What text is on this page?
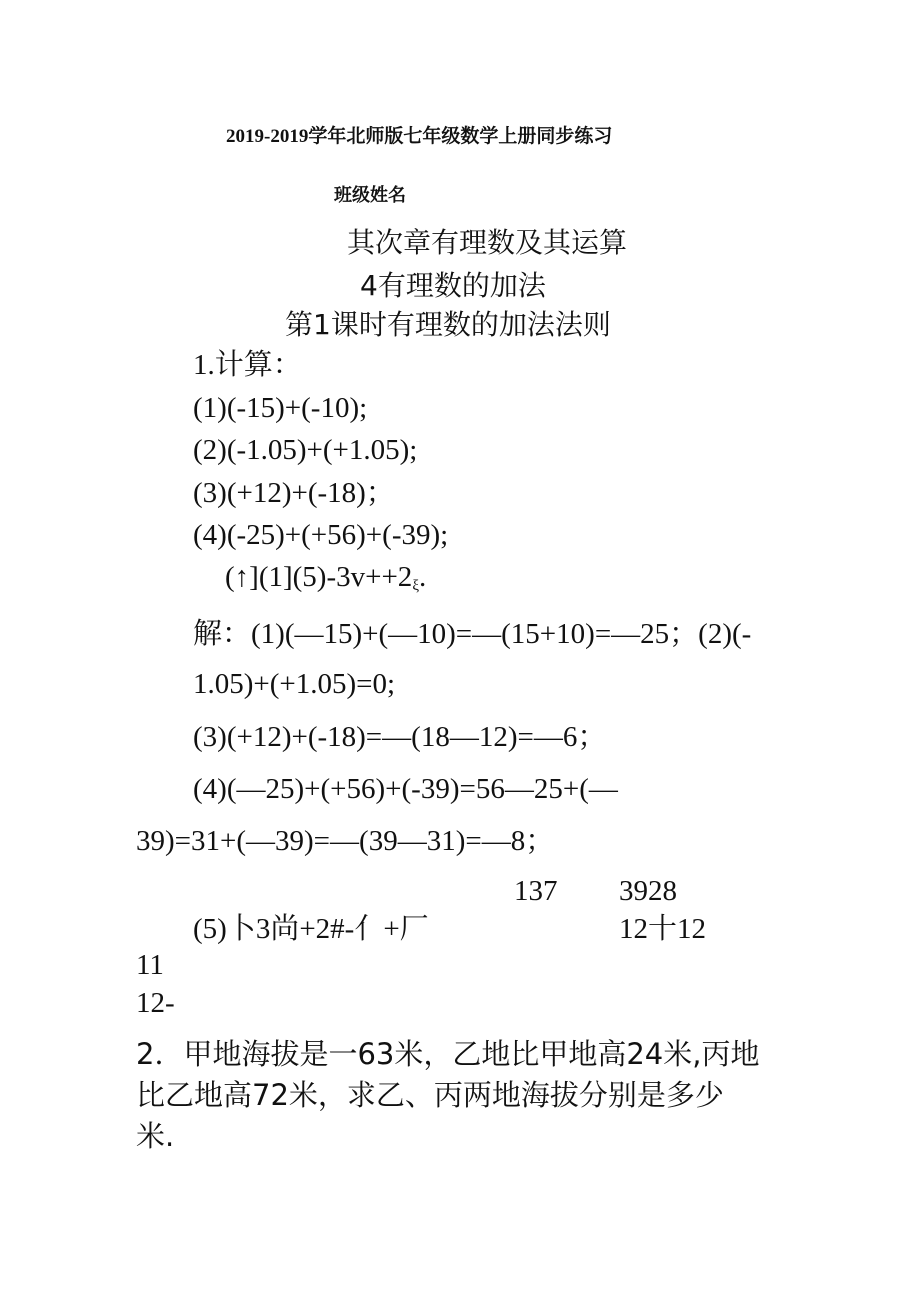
2019-2019学年北师版七年级数学上册同步练习
班级姓名
其次章有理数及其运算
4有理数的加法
第1课时有理数的加法法则
1.计算：
(1)(-15)+(-10);
(2)(-1.05)+(+1.05);
(3)(+12)+(-18)；
(4)(-25)+(+56)+(-39);
$(↑](1](5)-3v++2_\xi$.
解：(1)(—15)+(—10)=—(15+10)=—25；(2)(-
1.05)+(+1.05)=0;
(3)(+12)+(-18)=—(18—12)=—6；
(4)(—25)+(+56)+(-39)=56—25+(—
39)=31+(—39)=—(39—31)=—8；
137 3928
(5)卜3尚+2#-亻+厂	12十12
11
12-
2．甲地海拔是一63米，乙地比甲地高24米,丙地
比乙地高72米，求乙、丙两地海拔分别是多少
米.
